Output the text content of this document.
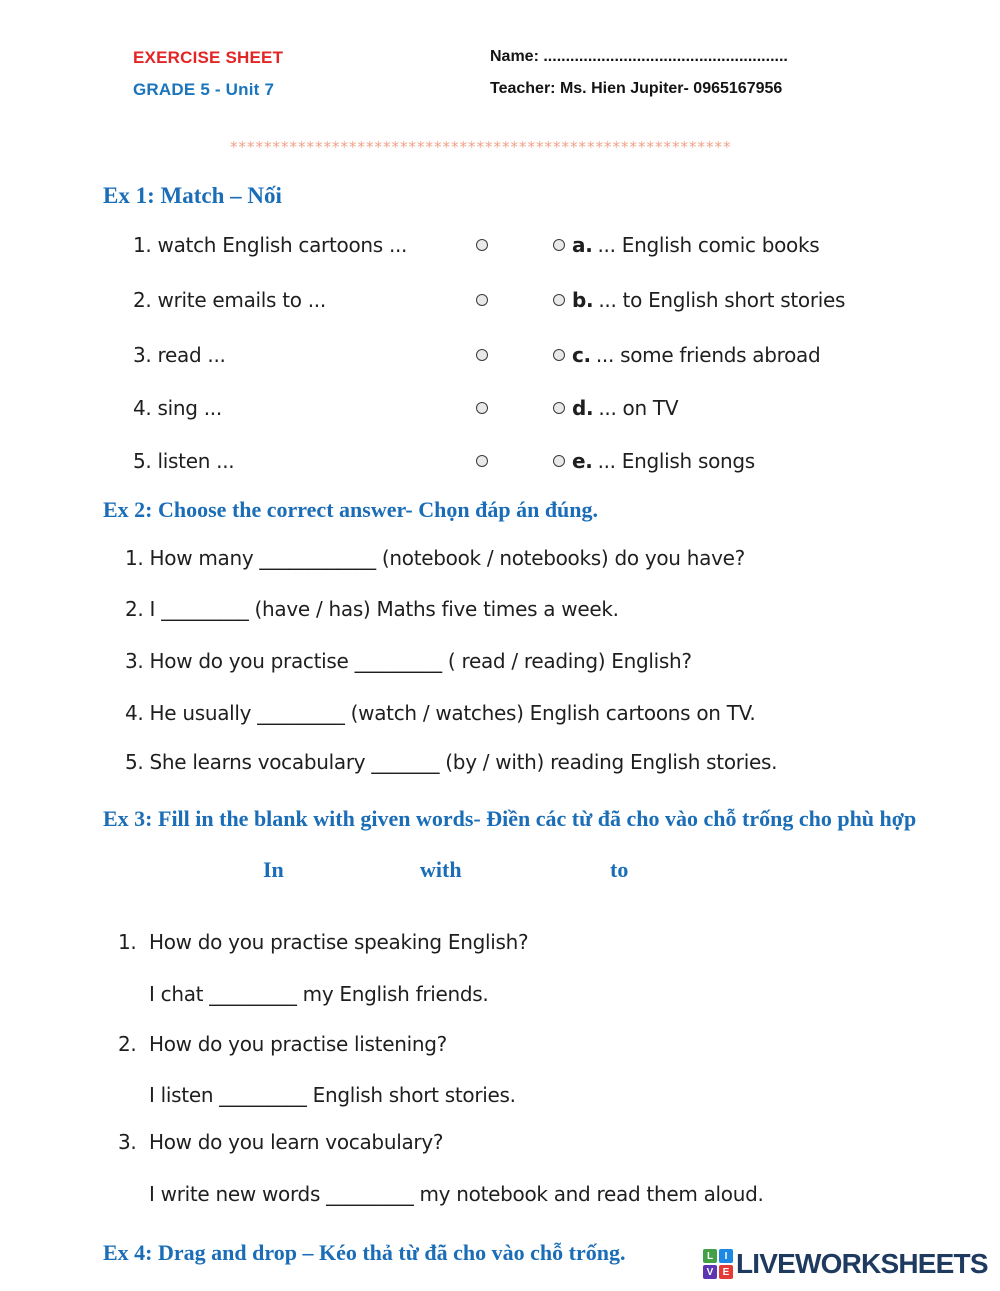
EXERCISE SHEET
GRADE 5 - Unit 7
Name: .......................................................
Teacher: Ms. Hien Jupiter- 0965167956
***********************************************************
Ex 1: Match – Nối
1. watch English cartoons ...	a. ... English comic books
2. write emails to ...	b. ... to English short stories
3. read ...	c. ... some friends abroad
4. sing ...	d. ... on TV
5. listen ...	e. ... English songs
Ex 2: Choose the correct answer- Chọn đáp án đúng.
1. How many ____________ (notebook / notebooks) do you have?
2. I _________ (have / has) Maths five times a week.
3. How do you practise _________ ( read / reading) English?
4. He usually _________ (watch / watches) English cartoons on TV.
5. She learns vocabulary _______ (by / with) reading English stories.
Ex 3: Fill in the blank with given words- Điền các từ đã cho vào chỗ trống cho phù hợp
In	with	to
1. How do you practise speaking English?
I chat _________ my English friends.
2. How do you practise listening?
I listen _________ English short stories.
3. How do you learn vocabulary?
I write new words _________ my notebook and read them aloud.
Ex 4: Drag and drop – Kéo thả từ đã cho vào chỗ trống.	L	I
V E LIVEWORKSHEETS
